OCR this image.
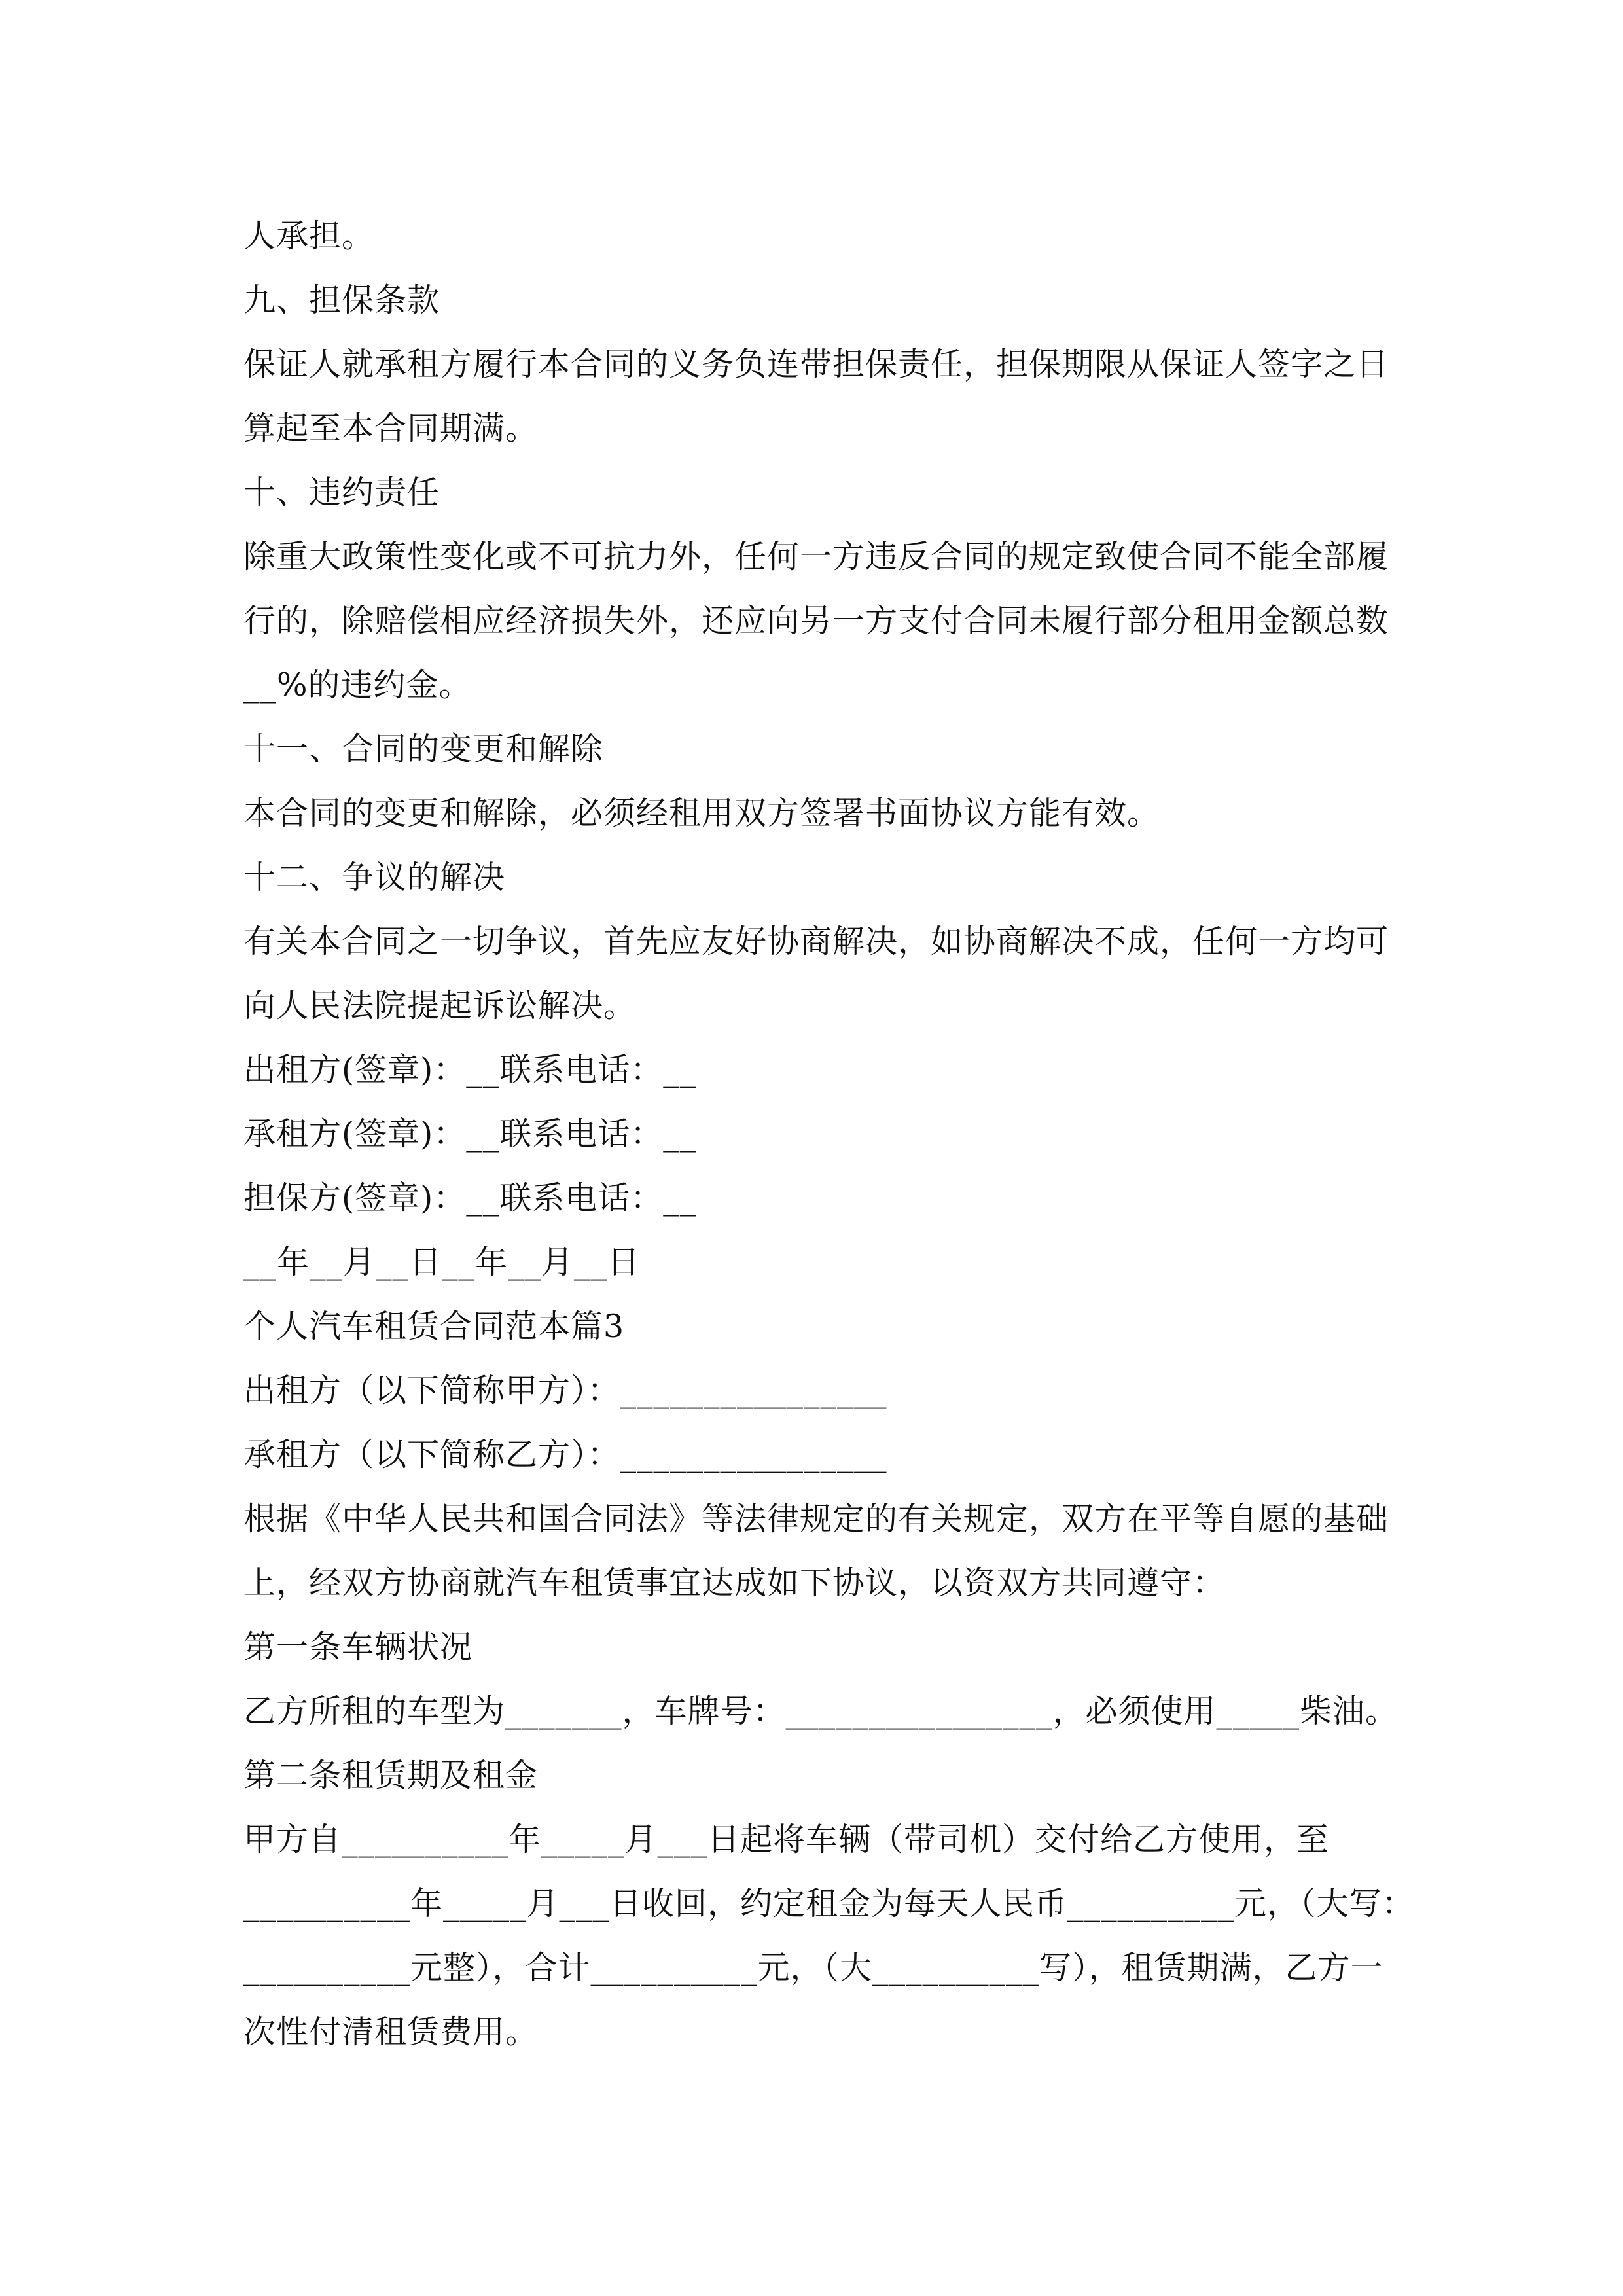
人承担。
九、担保条款
保证人就承租方履行本合同的义务负连带担保责任，担保期限从保证人签字之日
算起至本合同期满。
十、违约责任
除重大政策性变化或不可抗力外，任何一方违反合同的规定致使合同不能全部履
行的，除赔偿相应经济损失外，还应向另一方支付合同未履行部分租用金额总数
__%的违约金。
十一、合同的变更和解除
本合同的变更和解除，必须经租用双方签署书面协议方能有效。
十二、争议的解决
有关本合同之一切争议，首先应友好协商解决，如协商解决不成，任何一方均可
向人民法院提起诉讼解决。
出租方(签章)：__联系电话：__
承租方(签章)：__联系电话：__
担保方(签章)：__联系电话：__
__年__月__日__年__月__日
个人汽车租赁合同范本篇3
出租方（以下简称甲方）：________________
承租方（以下简称乙方）：________________
根据《中华人民共和国合同法》等法律规定的有关规定，双方在平等自愿的基础
上，经双方协商就汽车租赁事宜达成如下协议，以资双方共同遵守：
第一条车辆状况
乙方所租的车型为_______，车牌号：________________，必须使用_____柴油。
第二条租赁期及租金
甲方自__________年_____月___日起将车辆（带司机）交付给乙方使用，至
__________年_____月___日收回，约定租金为每天人民币__________元，（大写：
__________元整），合计__________元，（大__________写），租赁期满，乙方一
次性付清租赁费用。
